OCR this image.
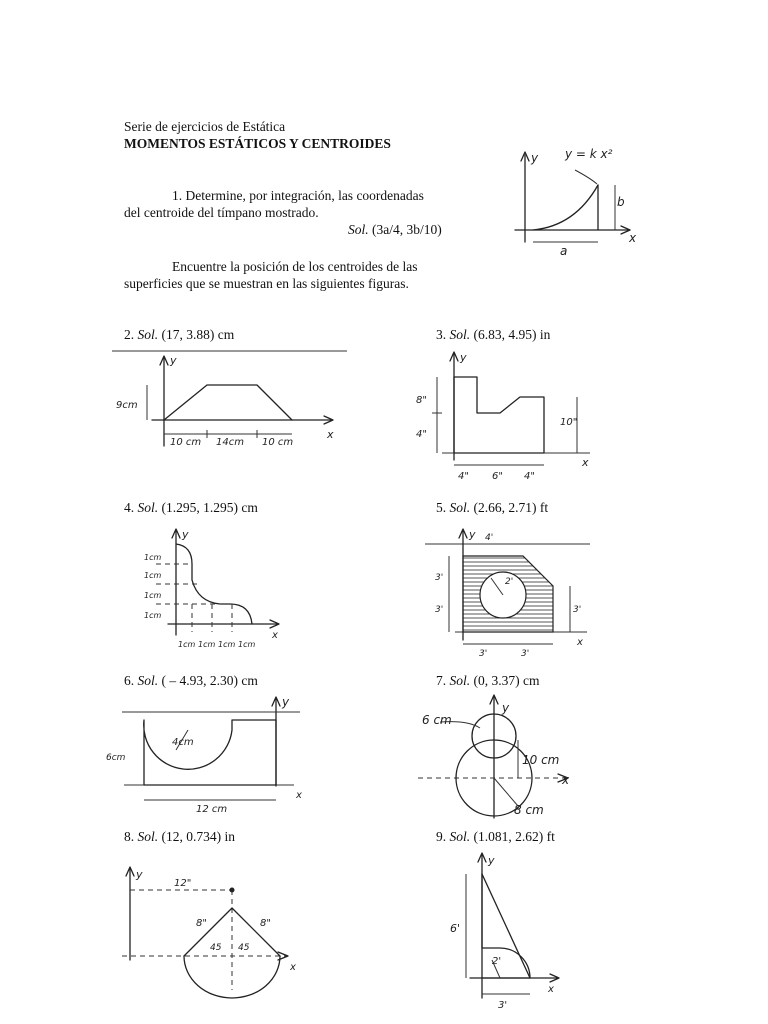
Serie de ejercicios de Estática
MOMENTOS ESTÁTICOS Y CENTROIDES
1. Determine, por integración, las coordenadas
del centroide del tímpano mostrado.
Sol. (3a/4, 3b/10)
y = k x²
b
a
x
y
Encuentre la posición de los centroides de las
superficies que se muestran en las siguientes figuras.
2. Sol. (17, 3.88) cm
9cm
10 cm 14cm 10 cm
x
y
3. Sol. (6.83, 4.95) in
8"
4"
10"
4" 6" 4"
x
y
4. Sol. (1.295, 1.295) cm
1cm
1cm
1cm
1cm
1cm 1cm 1cm 1cm
x
y
5. Sol. (2.66, 2.71) ft
4'
2'
3'
3'	3'
3'	3'
x
y
6. Sol. ( – 4.93, 2.30) cm
6cm
4cm
12 cm
x
y
7. Sol. (0, 3.37) cm
6 cm
10 cm
8 cm
x
y
8. Sol. (12, 0.734) in
12"
8"	8"
45 45
x
y
9. Sol. (1.081, 2.62) ft
6'
2'
3'
x
y
